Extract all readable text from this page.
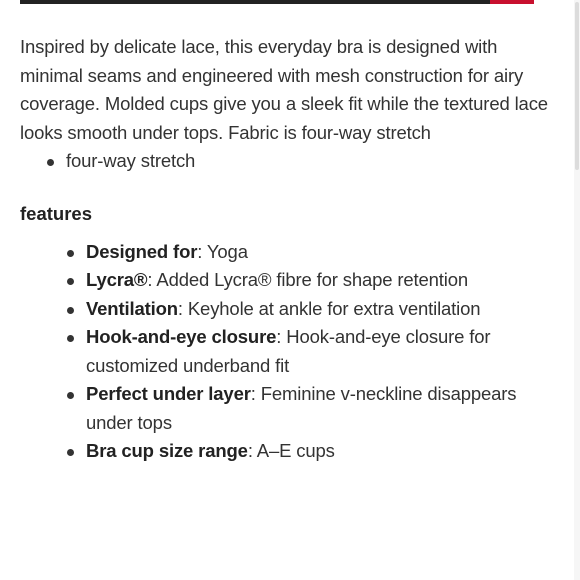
Inspired by delicate lace, this everyday bra is designed with minimal seams and engineered with mesh construction for airy coverage. Molded cups give you a sleek fit while the textured lace looks smooth under tops. Fabric is four-way stretch

four-way stretch
features
Designed for: Yoga
Lycra®: Added Lycra® fibre for shape retention
Ventilation: Keyhole at ankle for extra ventilation
Hook-and-eye closure: Hook-and-eye closure for customized underband fit
Perfect under layer: Feminine v-neckline disappears under tops
Bra cup size range: A–E cups
